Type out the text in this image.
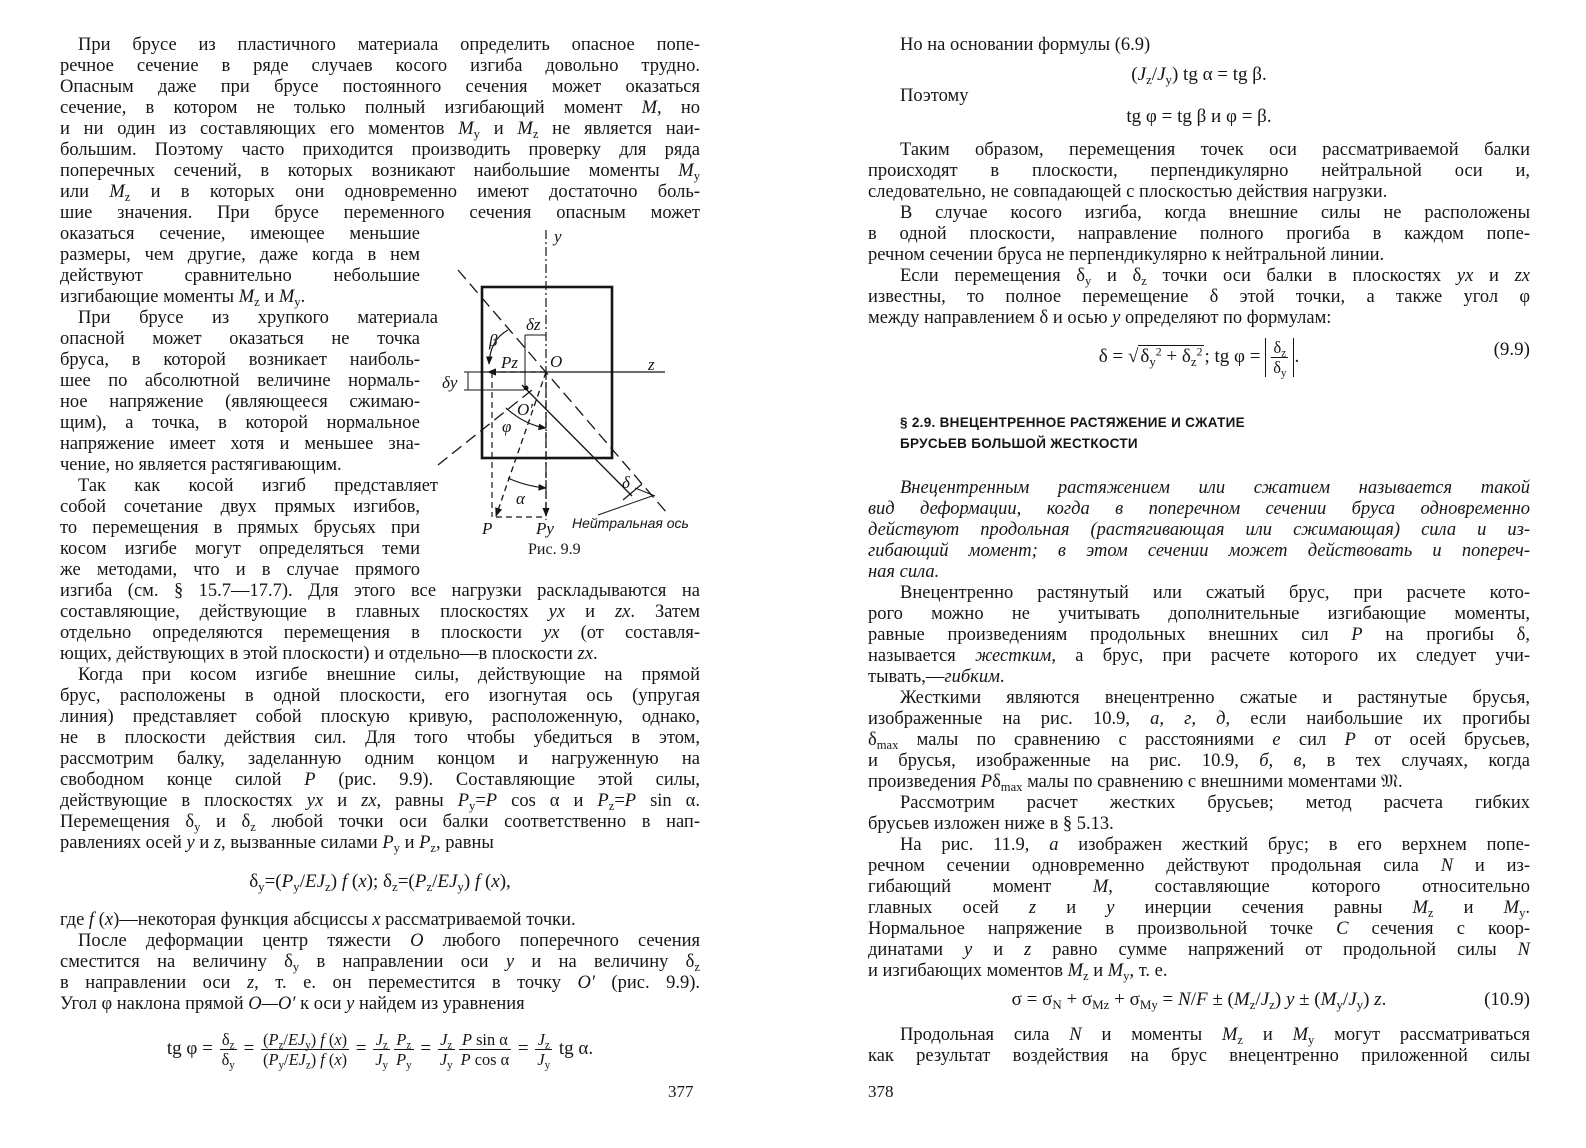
При брусе из пластичного материала определить опасное попе-
речное сечение в ряде случаев косого изгиба довольно трудно.
Опасным даже при брусе постоянного сечения может оказаться
сечение, в котором не только полный изгибающий момент M, но
и ни один из составляющих его моментов $M_y$ и $M_z$ не является наи-
большим. Поэтому часто приходится производить проверку для ряда
поперечных сечений, в которых возникают наибольшие моменты $M_y$
или $M_z$ и в которых они одновременно имеют достаточно боль-
шие значения. При брусе переменного сечения опасным может
оказаться сечение, имеющее меньшие
размеры, чем другие, даже когда в нем
действуют сравнительно небольшие
изгибающие моменты $M_z$ и $M_y$.
При брусе из хрупкого материала
опасной может оказаться не точка
бруса, в которой возникает наиболь-
шее по абсолютной величине нормаль-
ное напряжение (являющееся сжимаю-
щим), а точка, в которой нормальное
напряжение имеет хотя и меньшее зна-
чение, но является растягивающим.
Так как косой изгиб представляет
собой сочетание двух прямых изгибов,
то перемещения в прямых брусьях при
косом изгибе могут определяться теми
же методами, что и в случае прямого
изгиба (см. § 15.7—17.7). Для этого все нагрузки раскладываются на
составляющие, действующие в главных плоскостях yx и zx. Затем
отдельно определяются перемещения в плоскости yx (от составля-
ющих, действующих в этой плоскости) и отдельно—в плоскости zx.
Когда при косом изгибе внешние силы, действующие на прямой
брус, расположены в одной плоскости, его изогнутая ось (упругая
линия) представляет собой плоскую кривую, расположенную, однако,
не в плоскости действия сил. Для того чтобы убедиться в этом,
рассмотрим балку, заделанную одним концом и нагруженную на
свободном конце силой P (рис. 9.9). Составляющие этой силы,
действующие в плоскостях yx и zx, равны $P_y=P$ cos α и $P_z=P$ sin α.
Перемещения $\delta_y$ и $\delta_z$ любой точки оси балки соответственно в нап-
равлениях осей y и z, вызванные силами $P_y$ и $P_z$, равны
$\delta_y=(P_y/EJ_z)$ f (x); $\delta_z=(P_z/EJ_y)$ f (x),
где f (x)—некоторая функция абсциссы x рассматриваемой точки.
После деформации центр тяжести O любого поперечного сечения
сместится на величину $\delta_y$ в направлении оси y и на величину $\delta_z$
в направлении оси z, т. е. он переместится в точку O′ (рис. 9.9).
Угол φ наклона прямой O—O′ к оси y найдем из уравнения
tg $\varphi = \frac{\delta_z}{\delta_y} = \frac{(P_z/EJ_y) f (x)}{(P_y/EJ_z) f (x)} = \frac{J_z}{J_y} \frac{P_z}{P_y} = \frac{J_z}{J_y} \frac{\text{P sin α}}{\text{P cos α}} = \frac{J_z}{J_y}$ tg α.
y
z
O
O′
β
φ
α
δ
δz
δy
Pz
P	Py Нейтральная ось
Рис. 9.9
377
Но на основании формулы (6.9)
$(J_z/J_y)$ tg α = tg β.
Поэтому
tg φ = tg β и φ = β.
Таким образом, перемещения точек оси рассматриваемой балки
происходят в плоскости, перпендикулярно нейтральной оси и,
следовательно, не совпадающей с плоскостью действия нагрузки.
В случае косого изгиба, когда внешние силы не расположены
в одной плоскости, направление полного прогиба в каждом попе-
речном сечении бруса не перпендикулярно к нейтральной линии.
Если перемещения $\delta_y$ и $\delta_z$ точки оси балки в плоскостях yx и zx
известны, то полное перемещение δ этой точки, а также угол φ
между направлением δ и осью y определяют по формулам:
δ = √ $\delta_y^2 + \delta_z^2$ ; tg $\varphi = \frac{\delta_z}{\delta_y}$ .	(9.9)
§ 2.9. ВНЕЦЕНТРЕННОЕ РАСТЯЖЕНИЕ И СЖАТИЕ
БРУСЬЕВ БОЛЬШОЙ ЖЕСТКОСТИ
Внецентренным растяжением или сжатием называется такой
вид деформации, когда в поперечном сечении бруса одновременно
действуют продольная (растягивающая или сжимающая) сила и из-
гибающий момент; в этом сечении может действовать и попереч-
ная сила.
Внецентренно растянутый или сжатый брус, при расчете кото-
рого можно не учитывать дополнительные изгибающие моменты,
равные произведениям продольных внешних сил P на прогибы δ,
называется жестким, а брус, при расчете которого их следует учи-
тывать,—гибким.
Жесткими являются внецентренно сжатые и растянутые брусья,
изображенные на рис. 10.9, а, г, д, если наибольшие их прогибы
$\delta_{max}$ малы по сравнению с расстояниями e сил P от осей брусьев,
и брусья, изображенные на рис. 10.9, б, в, в тех случаях, когда
произведения $P\delta_{max}$ малы по сравнению с внешними моментами 𝔐.
Рассмотрим расчет жестких брусьев; метод расчета гибких
брусьев изложен ниже в § 5.13.
На рис. 11.9, а изображен жесткий брус; в его верхнем попе-
речном сечении одновременно действуют продольная сила N и из-
гибающий момент M, составляющие которого относительно
главных осей z и y инерции сечения равны $M_z$ и $M_y$.
Нормальное напряжение в произвольной точке C сечения с коор-
динатами y и z равно сумме напряжений от продольной силы N
и изгибающих моментов $M_z$ и $M_y$, т. е.
$\sigma = \sigma_N + \sigma_{Mz} + \sigma_{My} = N/F \pm (M_z/J_z) y \pm (M_y/J_y)$ z.	(10.9)
Продольная сила N и моменты $M_z$ и $M_y$ могут рассматриваться
как результат воздействия на брус внецентренно приложенной силы
378
